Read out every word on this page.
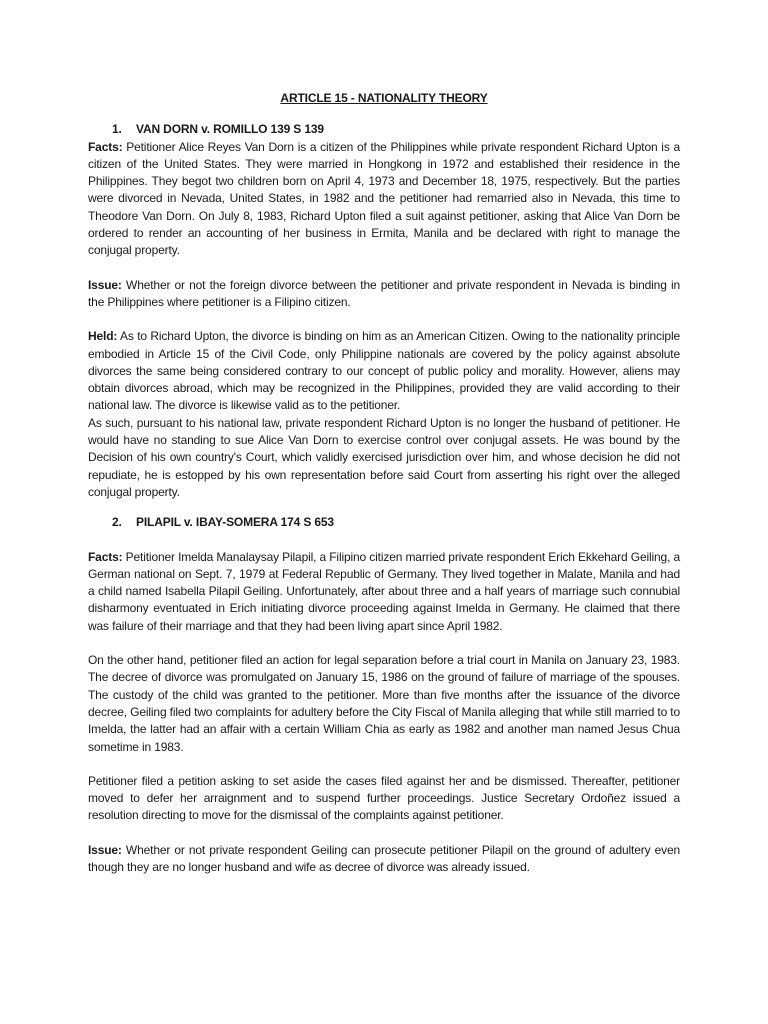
ARTICLE 15 - NATIONALITY THEORY

1. VAN DORN v. ROMILLO 139 S 139

Facts: Petitioner Alice Reyes Van Dorn is a citizen of the Philippines while private respondent Richard Upton is a citizen of the United States. They were married in Hongkong in 1972 and established their residence in the Philippines. They begot two children born on April 4, 1973 and December 18, 1975, respectively. But the parties were divorced in Nevada, United States, in 1982 and the petitioner had remarried also in Nevada, this time to Theodore Van Dorn. On July 8, 1983, Richard Upton filed a suit against petitioner, asking that Alice Van Dorn be ordered to render an accounting of her business in Ermita, Manila and be declared with right to manage the conjugal property.

Issue: Whether or not the foreign divorce between the petitioner and private respondent in Nevada is binding in the Philippines where petitioner is a Filipino citizen.

Held: As to Richard Upton, the divorce is binding on him as an American Citizen. Owing to the nationality principle embodied in Article 15 of the Civil Code, only Philippine nationals are covered by the policy against absolute divorces the same being considered contrary to our concept of public policy and morality. However, aliens may obtain divorces abroad, which may be recognized in the Philippines, provided they are valid according to their national law. The divorce is likewise valid as to the petitioner.

As such, pursuant to his national law, private respondent Richard Upton is no longer the husband of petitioner. He would have no standing to sue Alice Van Dorn to exercise control over conjugal assets. He was bound by the Decision of his own country's Court, which validly exercised jurisdiction over him, and whose decision he did not repudiate, he is estopped by his own representation before said Court from asserting his right over the alleged conjugal property.

2. PILAPIL v. IBAY-SOMERA 174 S 653

Facts: Petitioner Imelda Manalaysay Pilapil, a Filipino citizen married private respondent Erich Ekkehard Geiling, a German national on Sept. 7, 1979 at Federal Republic of Germany. They lived together in Malate, Manila and had a child named Isabella Pilapil Geiling. Unfortunately, after about three and a half years of marriage such connubial disharmony eventuated in Erich initiating divorce proceeding against Imelda in Germany. He claimed that there was failure of their marriage and that they had been living apart since April 1982.

On the other hand, petitioner filed an action for legal separation before a trial court in Manila on January 23, 1983. The decree of divorce was promulgated on January 15, 1986 on the ground of failure of marriage of the spouses. The custody of the child was granted to the petitioner. More than five months after the issuance of the divorce decree, Geiling filed two complaints for adultery before the City Fiscal of Manila alleging that while still married to to Imelda, the latter had an affair with a certain William Chia as early as 1982 and another man named Jesus Chua sometime in 1983.

Petitioner filed a petition asking to set aside the cases filed against her and be dismissed. Thereafter, petitioner moved to defer her arraignment and to suspend further proceedings. Justice Secretary Ordoñez issued a resolution directing to move for the dismissal of the complaints against petitioner.

Issue: Whether or not private respondent Geiling can prosecute petitioner Pilapil on the ground of adultery even though they are no longer husband and wife as decree of divorce was already issued.
